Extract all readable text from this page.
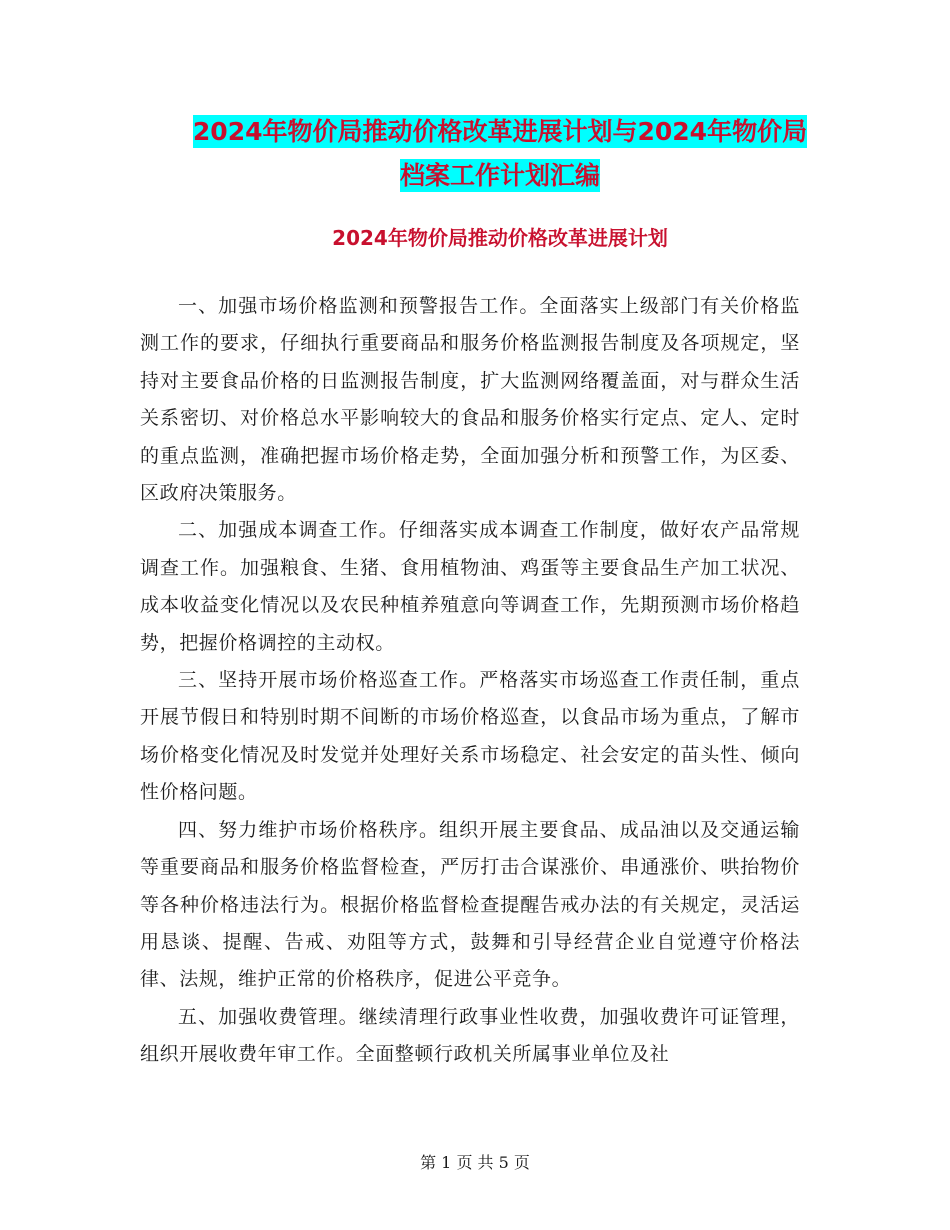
2024年物价局推动价格改革进展计划与2024年物价局
档案工作计划汇编
2024年物价局推动价格改革进展计划

一、加强市场价格监测和预警报告工作。全面落实上级部门有关价格监测工作的要求，仔细执行重要商品和服务价格监测报告制度及各项规定，坚持对主要食品价格的日监测报告制度，扩大监测网络覆盖面，对与群众生活关系密切、对价格总水平影响较大的食品和服务价格实行定点、定人、定时的重点监测，准确把握市场价格走势，全面加强分析和预警工作，为区委、区政府决策服务。

二、加强成本调查工作。仔细落实成本调查工作制度，做好农产品常规调查工作。加强粮食、生猪、食用植物油、鸡蛋等主要食品生产加工状况、成本收益变化情况以及农民种植养殖意向等调查工作，先期预测市场价格趋势，把握价格调控的主动权。

三、坚持开展市场价格巡查工作。严格落实市场巡查工作责任制，重点开展节假日和特别时期不间断的市场价格巡查，以食品市场为重点，了解市场价格变化情况及时发觉并处理好关系市场稳定、社会安定的苗头性、倾向性价格问题。

四、努力维护市场价格秩序。组织开展主要食品、成品油以及交通运输等重要商品和服务价格监督检查，严厉打击合谋涨价、串通涨价、哄抬物价等各种价格违法行为。根据价格监督检查提醒告戒办法的有关规定，灵活运用恳谈、提醒、告戒、劝阻等方式，鼓舞和引导经营企业自觉遵守价格法律、法规，维护正常的价格秩序，促进公平竞争。

五、加强收费管理。继续清理行政事业性收费，加强收费许可证管理，组织开展收费年审工作。全面整顿行政机关所属事业单位及社

第 1 页 共 5 页
